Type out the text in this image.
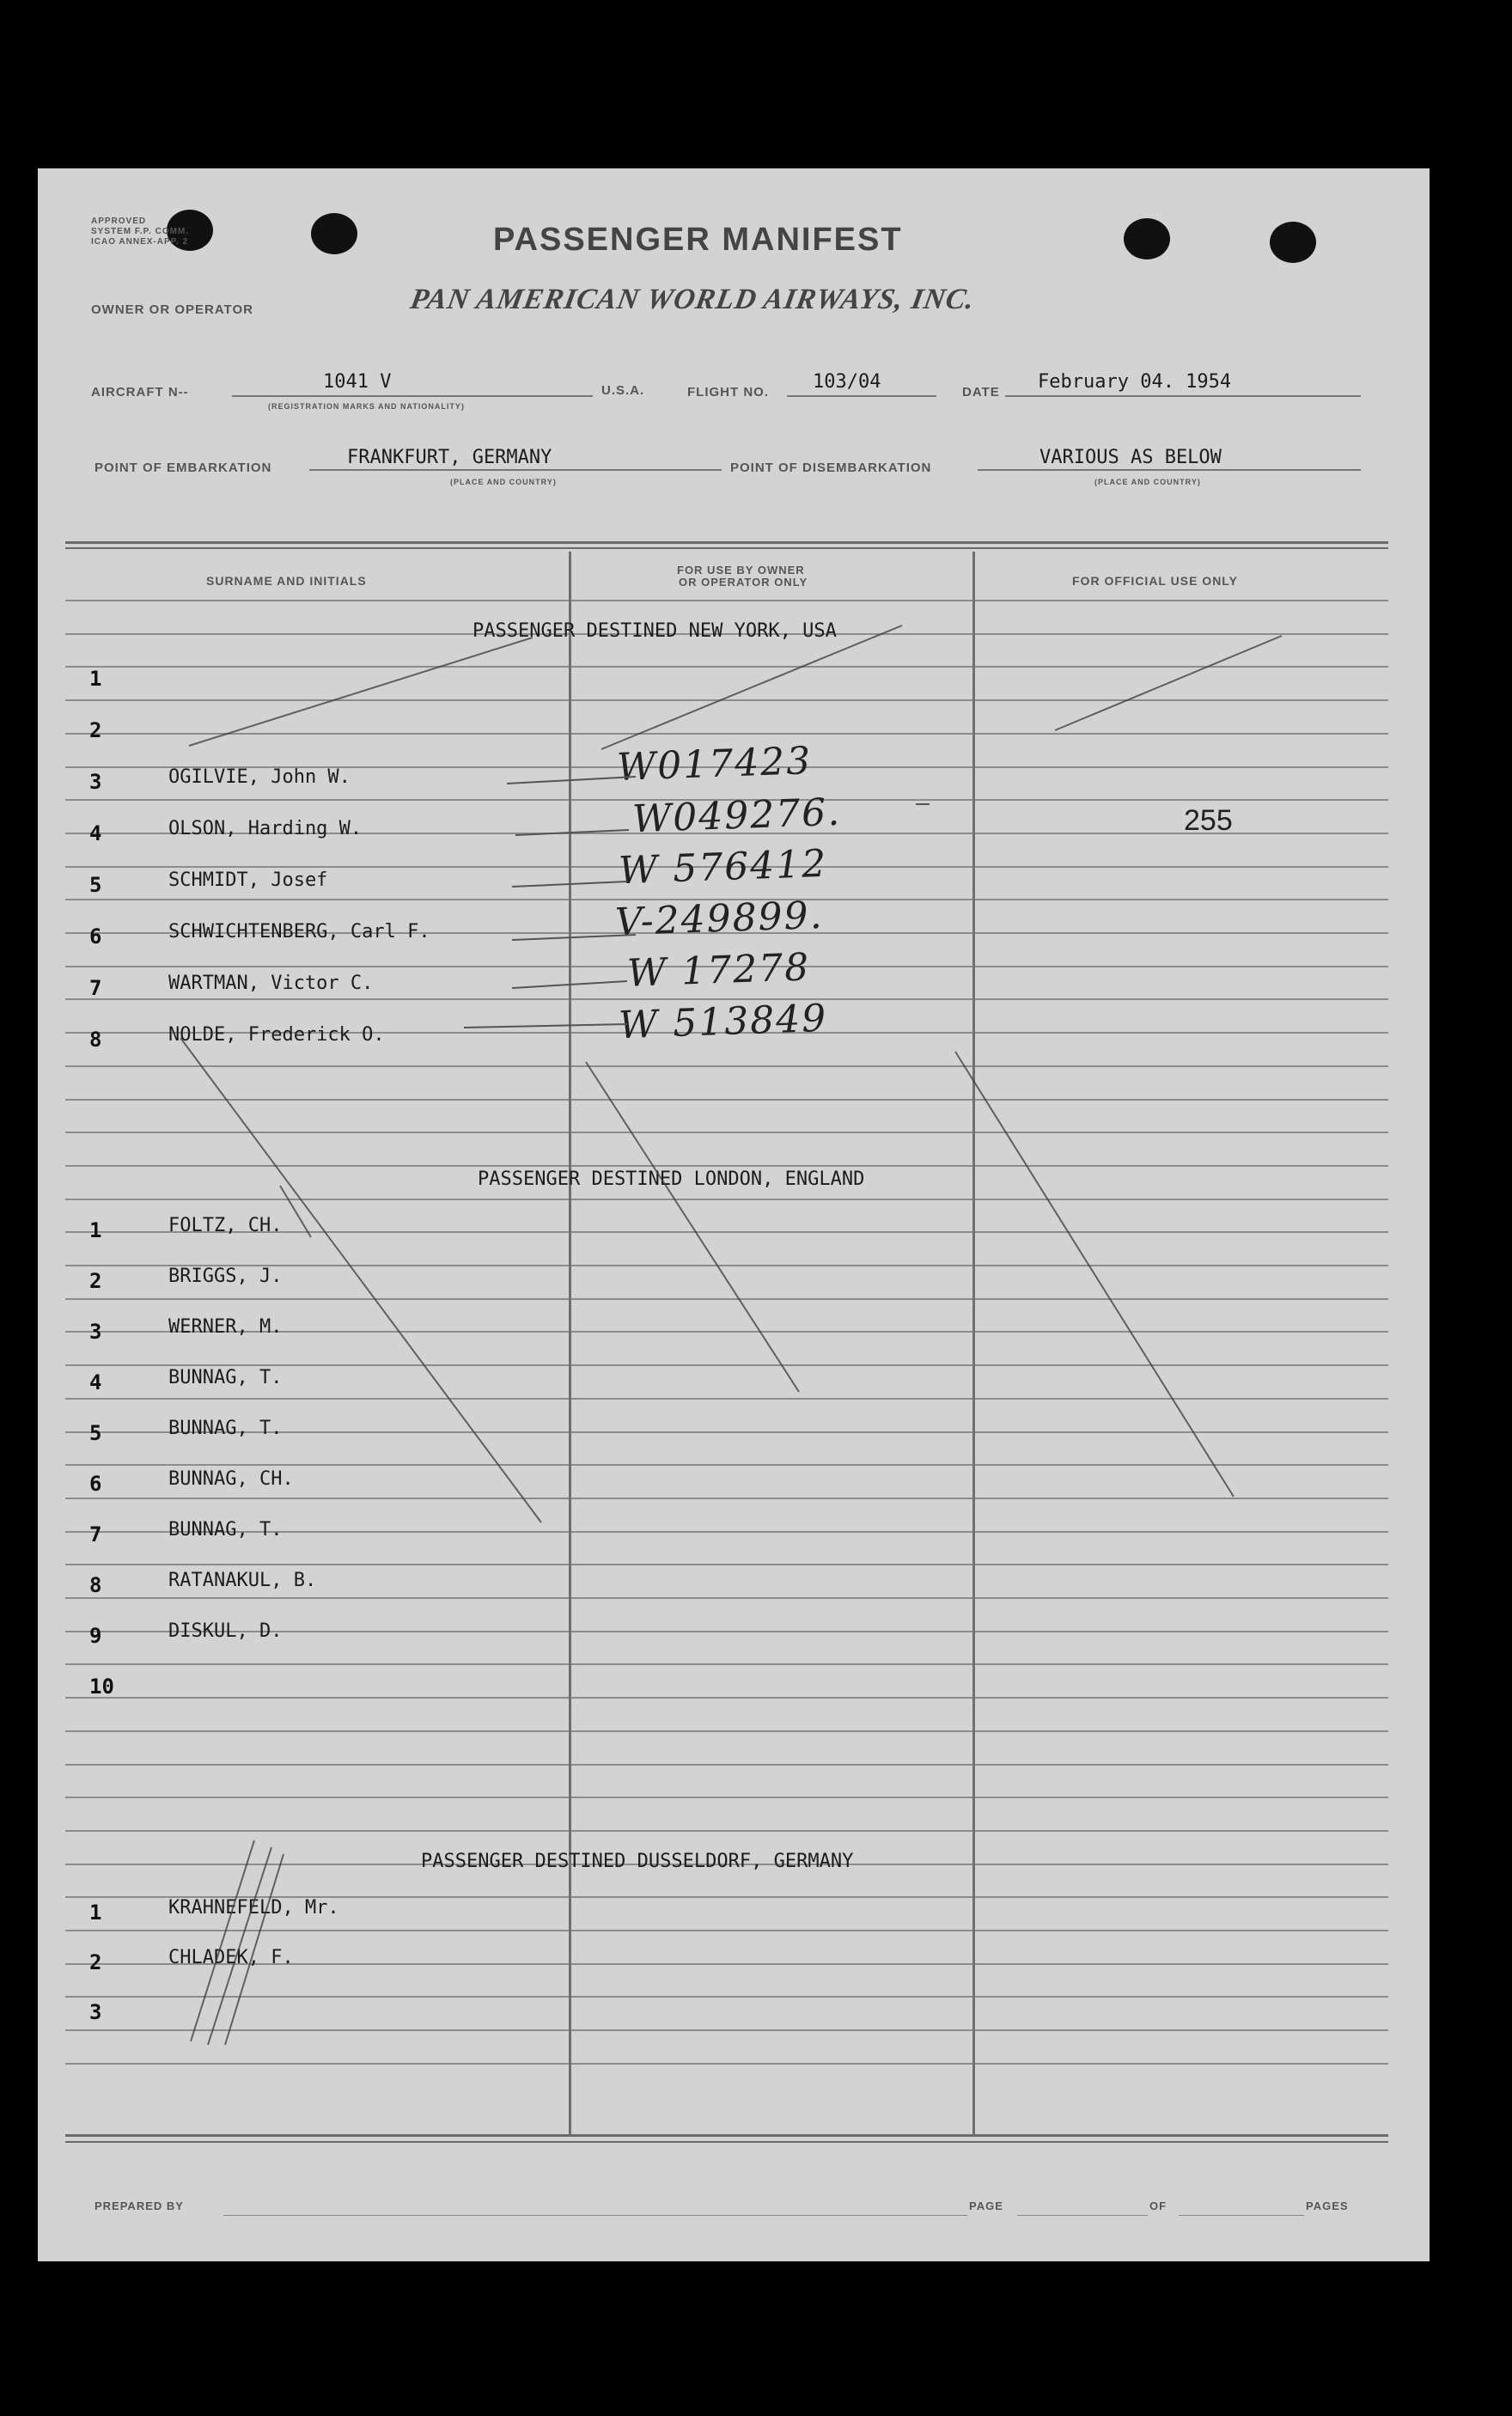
APPROVED
SYSTEM F.P. COMM.
ICAO ANNEX-APP. 2	PASSENGER MANIFEST
OWNER OR OPERATOR	PAN AMERICAN WORLD AIRWAYS, INC.
AIRCRAFT N--	1041 V
(REGISTRATION MARKS AND NATIONALITY)
U.S.A.	FLIGHT NO. 103/04	DATE February 04. 1954
POINT OF EMBARKATION	FRANKFURT, GERMANY
(PLACE AND COUNTRY)
POINT OF DISEMBARKATION	VARIOUS AS BELOW
(PLACE AND COUNTRY)
SURNAME AND INITIALS
FOR USE BY OWNER
OR OPERATOR ONLY	FOR OFFICIAL USE ONLY
PASSENGER DESTINED NEW YORK, USA
PASSENGER DESTINED LONDON, ENGLAND
PASSENGER DESTINED DUSSELDORF, GERMANY
1
2
3	OGILVIE, John W.	W017423
4	OLSON, Harding W.	W049276.	255
5	SCHMIDT, Josef	W 576412
6	SCHWICHTENBERG, Carl F.	V-249899.
7	WARTMAN, Victor C.	W 17278
8	NOLDE, Frederick O.	W 513849
1	FOLTZ, CH.
2	BRIGGS, J.
3	WERNER, M.
4	BUNNAG, T.
5	BUNNAG, T.
6	BUNNAG, CH.
7	BUNNAG, T.
8	RATANAKUL, B.
9	DISKUL, D.
10
1	KRAHNEFELD, Mr.
2	CHLADEK, F.
3
PREPARED BY	PAGE	OF	PAGES
